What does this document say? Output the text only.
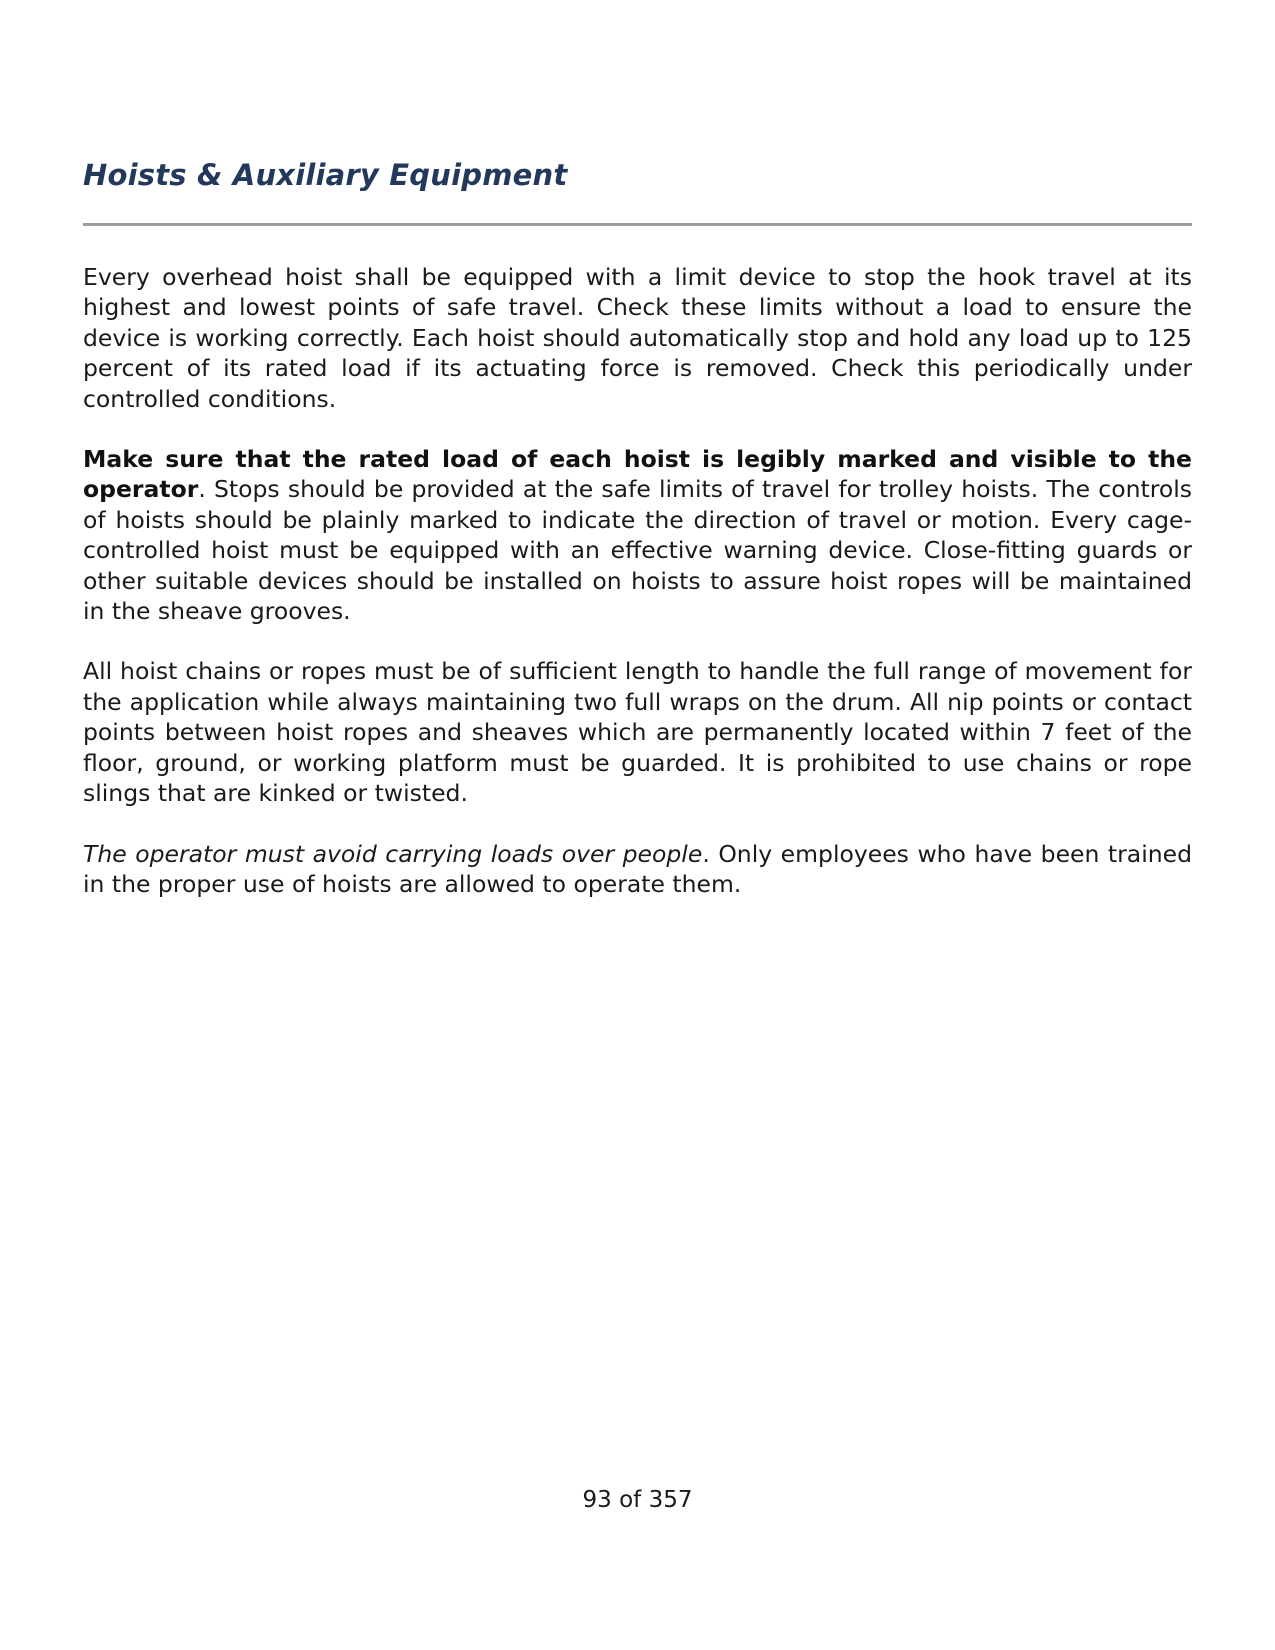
Hoists & Auxiliary Equipment

Every overhead hoist shall be equipped with a limit device to stop the hook travel at its highest and lowest points of safe travel. Check these limits without a load to ensure the device is working correctly. Each hoist should automatically stop and hold any load up to 125 percent of its rated load if its actuating force is removed. Check this periodically under controlled conditions.

Make sure that the rated load of each hoist is legibly marked and visible to the operator. Stops should be provided at the safe limits of travel for trolley hoists. The controls of hoists should be plainly marked to indicate the direction of travel or motion. Every cage-controlled hoist must be equipped with an effective warning device. Close-fitting guards or other suitable devices should be installed on hoists to assure hoist ropes will be maintained in the sheave grooves.

All hoist chains or ropes must be of sufficient length to handle the full range of movement for the application while always maintaining two full wraps on the drum. All nip points or contact points between hoist ropes and sheaves which are permanently located within 7 feet of the floor, ground, or working platform must be guarded. It is prohibited to use chains or rope slings that are kinked or twisted.

The operator must avoid carrying loads over people. Only employees who have been trained in the proper use of hoists are allowed to operate them.

93 of 357
